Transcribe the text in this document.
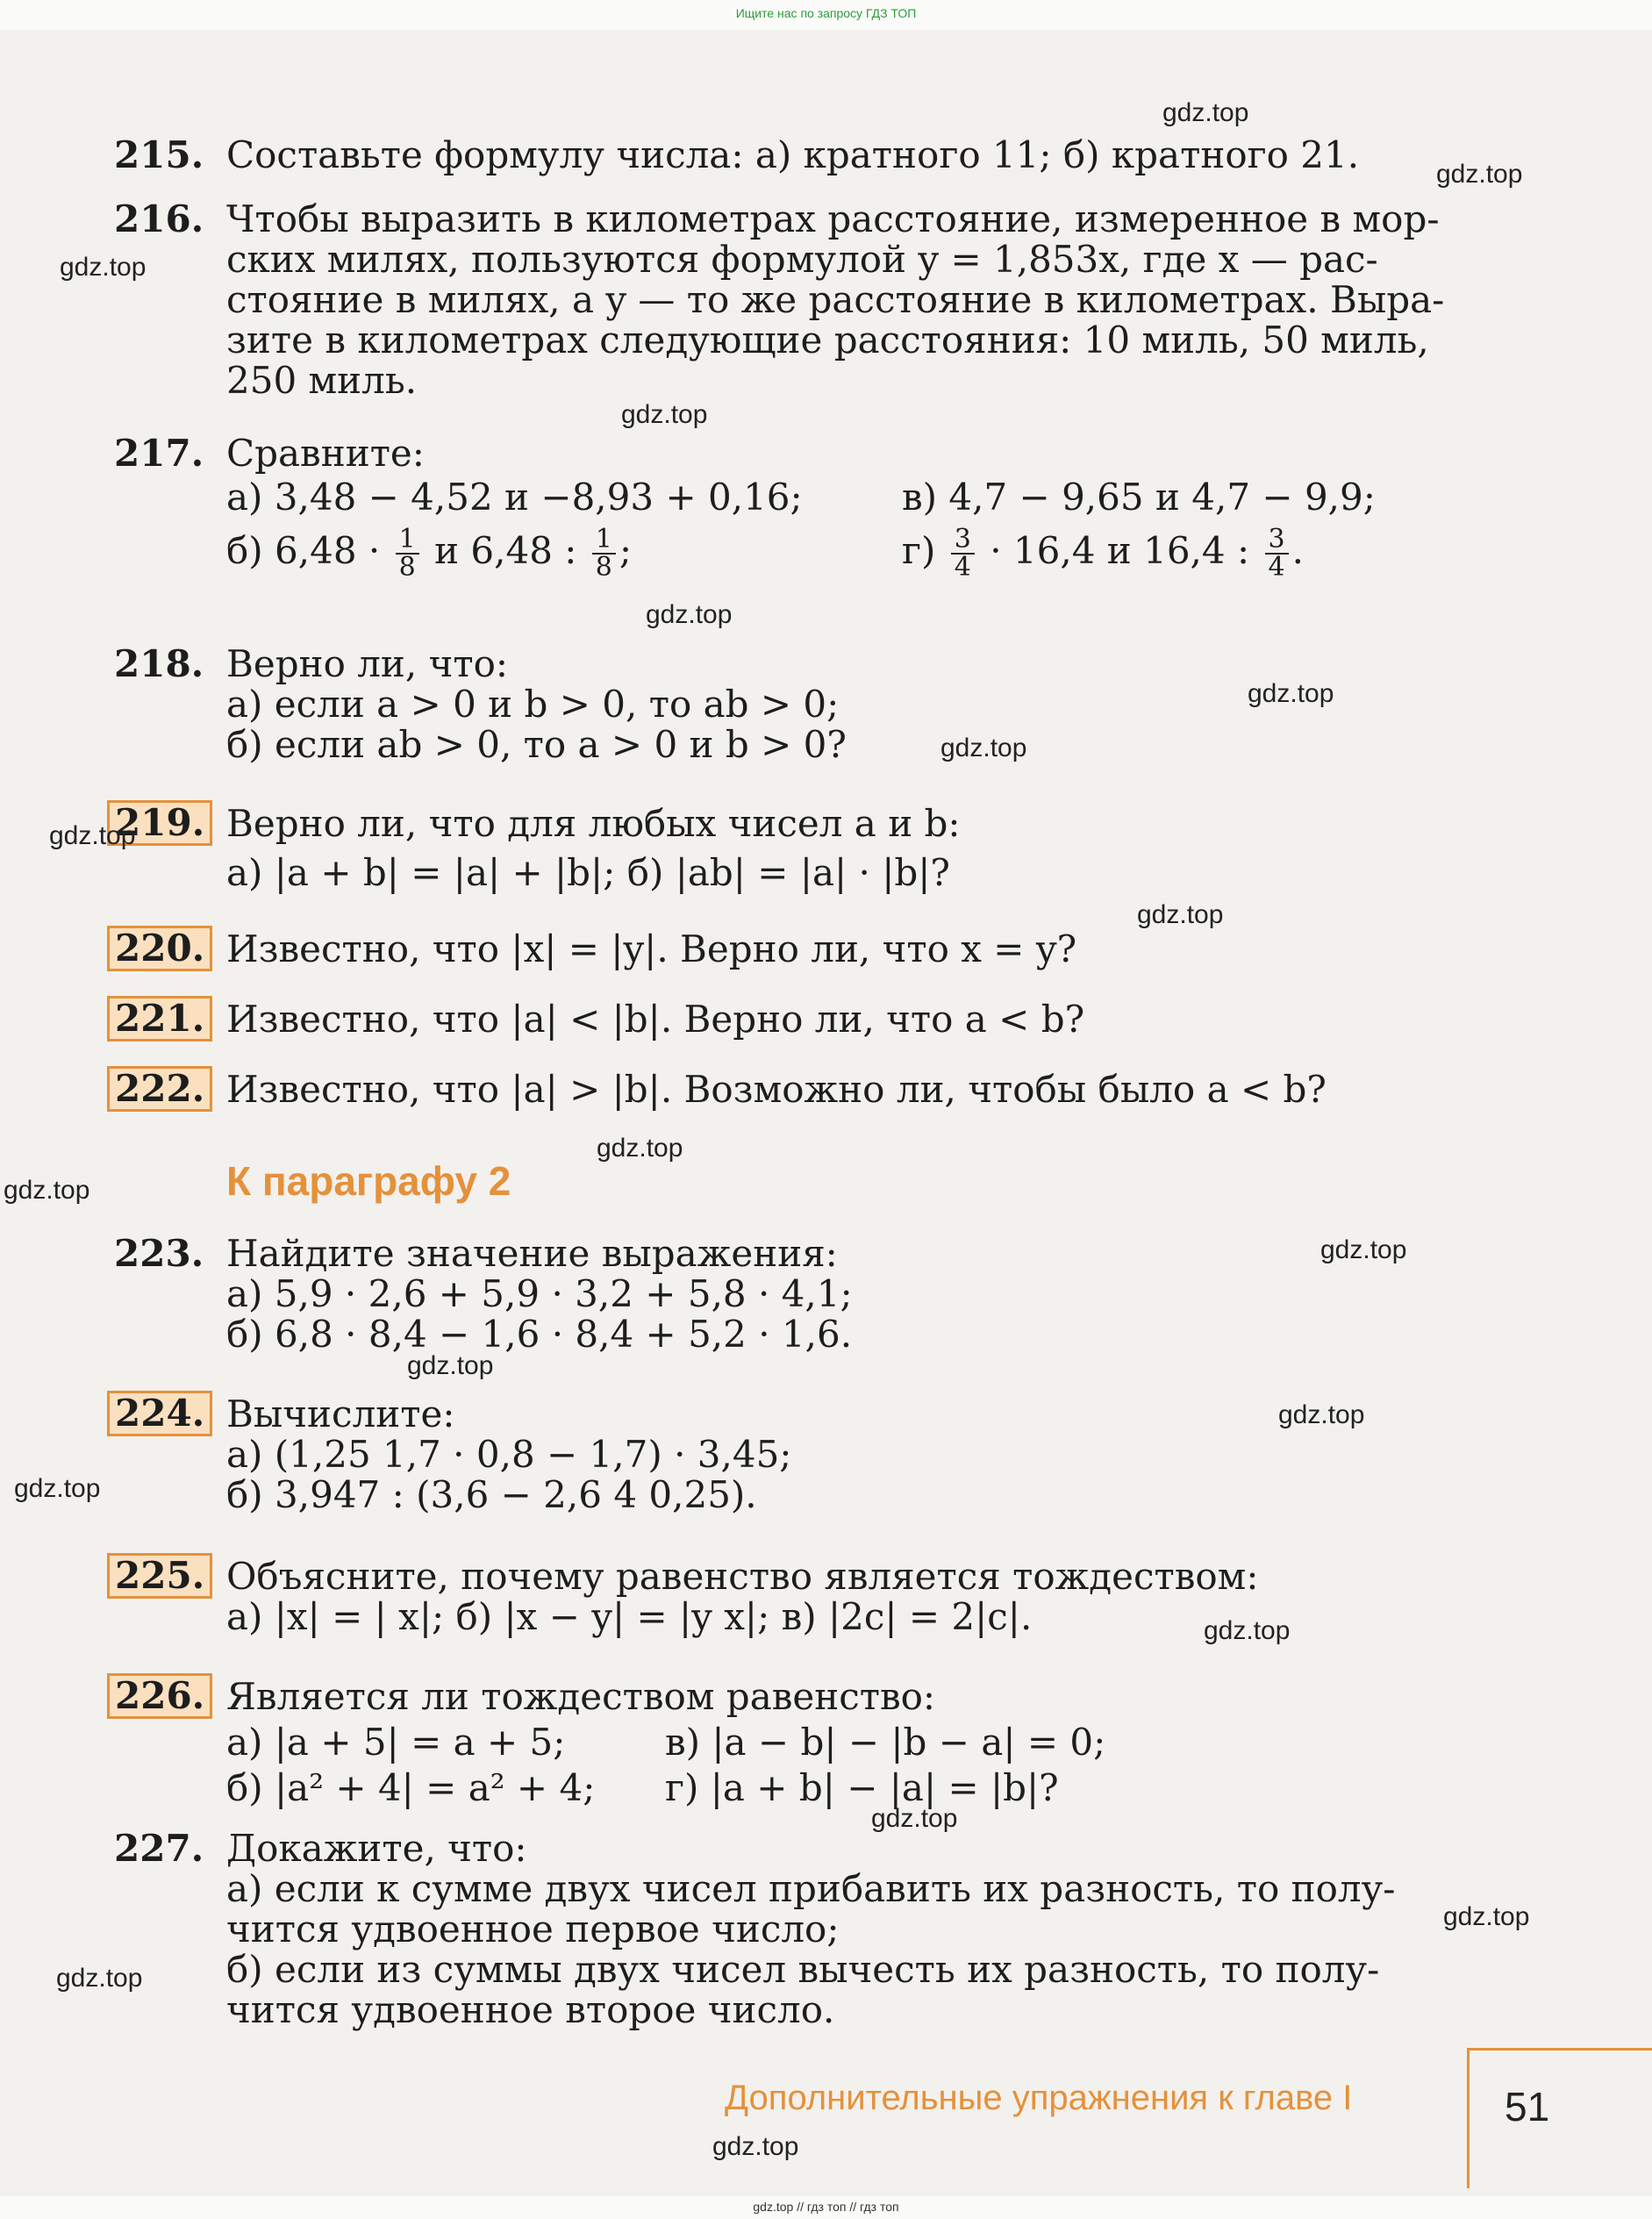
Ищите нас по запросу ГДЗ ТОП
215. Составьте формулу числа: а) кратного 11; б) кратного 21.
216. Чтобы выразить в километрах расстояние, измеренное в мор-
ских милях, пользуются формулой y = 1,853x, где x — рас-
стояние в милях, а y — то же расстояние в километрах. Выра-
зите в километрах следующие расстояния: 10 миль, 50 миль,
250 миль.
217. Сравните:
а) 3,48 − 4,52 и −8,93 + 0,16;	в) 4,7 − 9,65 и 4,7 − 9,9;
б) $6,48 \cdot \frac{1}{8}$ и 6,48 : $\frac{1}{8}$ ;	$г) \frac{3}{4} \cdot 16,4$ и 16,4 : $\frac{3}{4}$ .
218. Верно ли, что:
а) если a > 0 и b > 0, то ab > 0;
б) если ab > 0, то a > 0 и b > 0?
219. Верно ли, что для любых чисел a и b:
а) |a + b| = |a| + |b|; б) |ab| = |a| · |b|?
220. Известно, что |x| = |y|. Верно ли, что x = y?
221. Известно, что |a| < |b|. Верно ли, что a < b?
222. Известно, что |a| > |b|. Возможно ли, чтобы было a < b?
К параграфу 2
223. Найдите значение выражения:
а) 5,9 · 2,6 + 5,9 · 3,2 + 5,8 · 4,1;
б) 6,8 · 8,4 − 1,6 · 8,4 + 5,2 · 1,6.
224. Вычислите:
а) (1,25 1,7 · 0,8 − 1,7) · 3,45;
б) 3,947 : (3,6 − 2,6 4 0,25).
225. Объясните, почему равенство является тождеством:
а) |x| = | x|; б) |x − y| = |y x|; в) |2c| = 2|c|.
226. Является ли тождеством равенство:
а) |a + 5| = a + 5;	в) |a − b| − |b − a| = 0;
б) |a² + 4| = a² + 4;	г) |a + b| − |a| = |b|?
227. Докажите, что:
а) если к сумме двух чисел прибавить их разность, то полу-
чится удвоенное первое число;
б) если из суммы двух чисел вычесть их разность, то полу-
чится удвоенное второе число.
gdz.top
gdz.top
gdz.top
gdz.top
gdz.top
gdz.top
gdz.top
gdz.top
gdz.top
gdz.top
gdz.top
gdz.top
gdz.top
gdz.top
gdz.top
gdz.top
gdz.top
gdz.top
gdz.top
gdz.top
Дополнительные упражнения к главе I	51
gdz.top // гдз топ // гдз топ
